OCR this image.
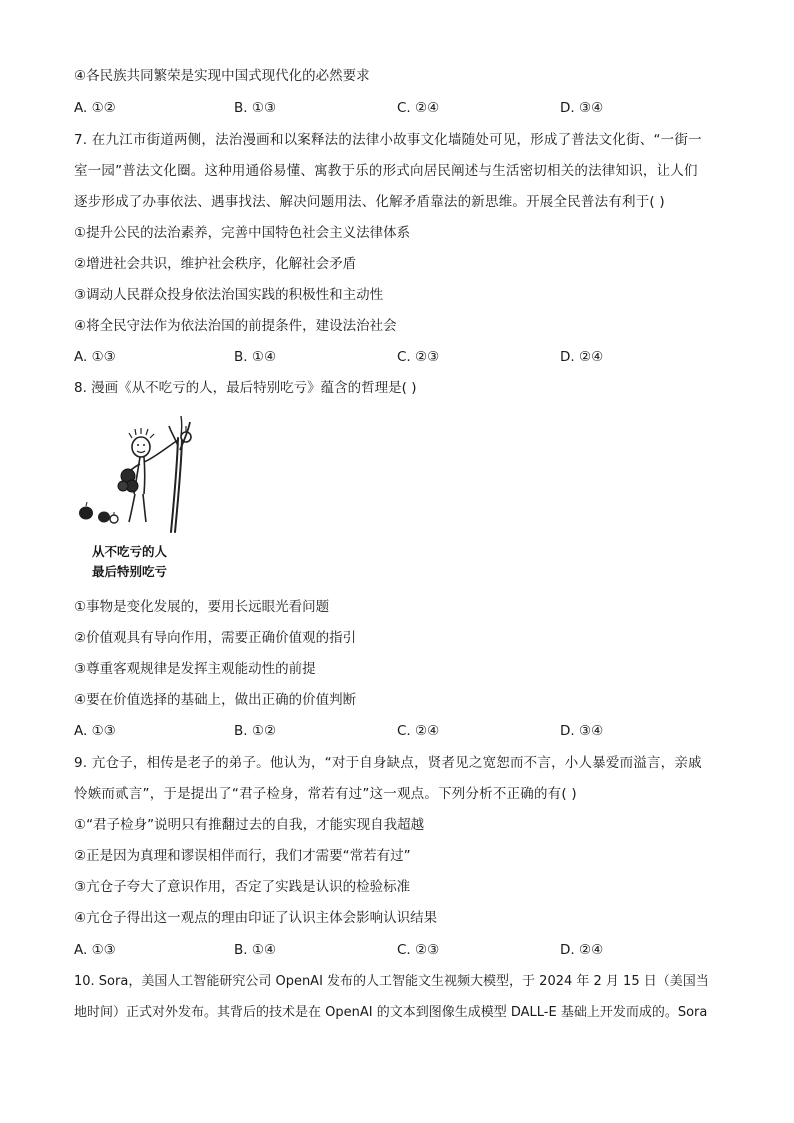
④各民族共同繁荣是实现中国式现代化的必然要求
A. ①②	B. ①③	C. ②④	D. ③④
7. 在九江市街道两侧，法治漫画和以案释法的法律小故事文化墙随处可见，形成了普法文化街、“一街一
室一园”普法文化圈。这种用通俗易懂、寓教于乐的形式向居民阐述与生活密切相关的法律知识，让人们
逐步形成了办事依法、遇事找法、解决问题用法、化解矛盾靠法的新思维。开展全民普法有利于( )
①提升公民的法治素养，完善中国特色社会主义法律体系
②增进社会共识，维护社会秩序，化解社会矛盾
③调动人民群众投身依法治国实践的积极性和主动性
④将全民守法作为依法治国的前提条件，建设法治社会
A. ①③	B. ①④	C. ②③	D. ②④
8. 漫画《从不吃亏的人，最后特别吃亏》蕴含的哲理是( )
从不吃亏的人
最后特别吃亏
①事物是变化发展的，要用长远眼光看问题
②价值观具有导向作用，需要正确价值观的指引
③尊重客观规律是发挥主观能动性的前提
④要在价值选择的基础上，做出正确的价值判断
A. ①③	B. ①②	C. ②④	D. ③④
9. 亢仓子，相传是老子的弟子。他认为，“对于自身缺点，贤者见之宽恕而不言，小人暴爱而溢言，亲戚
怜嫉而贰言”，于是提出了“君子检身，常若有过”这一观点。下列分析不正确的有( )
①“君子检身”说明只有推翻过去的自我，才能实现自我超越
②正是因为真理和谬误相伴而行，我们才需要“常若有过”
③亢仓子夸大了意识作用，否定了实践是认识的检验标准
④亢仓子得出这一观点的理由印证了认识主体会影响认识结果
A. ①③	B. ①④	C. ②③	D. ②④
10. Sora，美国人工智能研究公司 OpenAI 发布的人工智能文生视频大模型，于 2024 年 2 月 15 日（美国当
地时间）正式对外发布。其背后的技术是在 OpenAI 的文本到图像生成模型 DALL-E 基础上开发而成的。Sora
